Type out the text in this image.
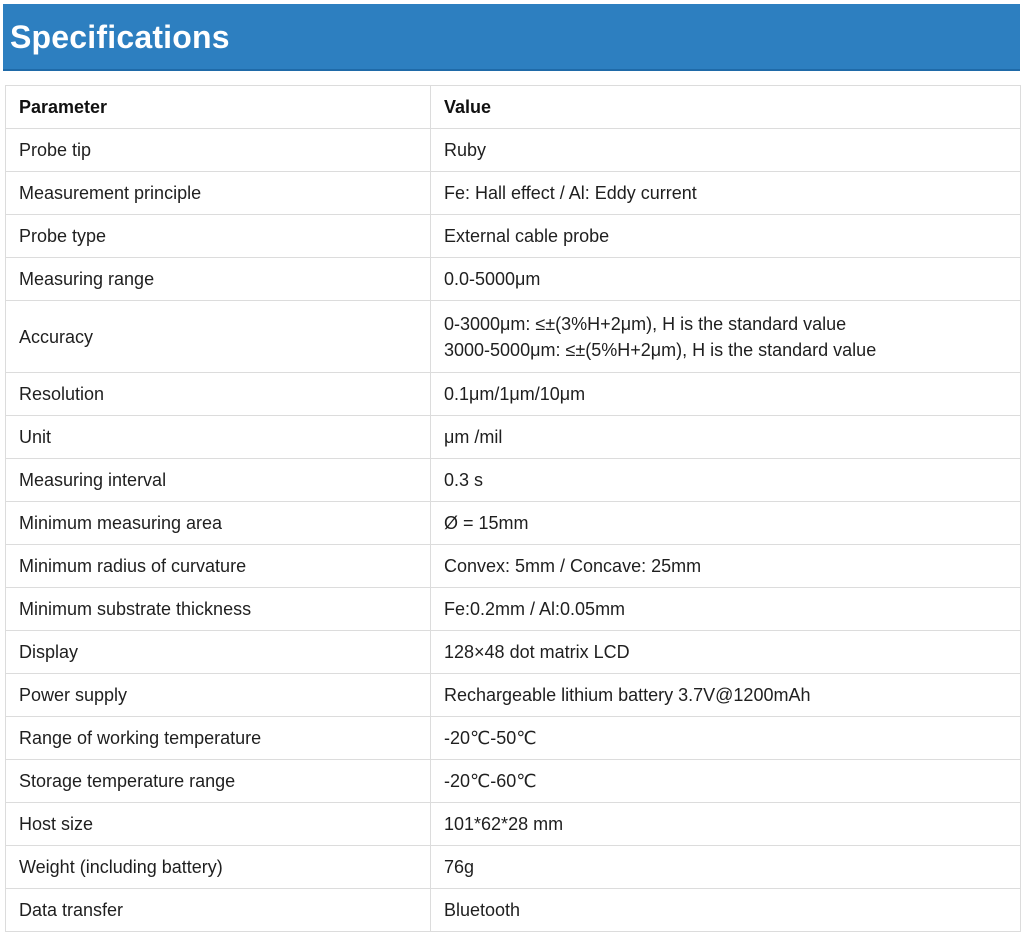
Specifications
Parameter	Value
Probe tip	Ruby

Measurement principle	Fe: Hall effect / Al: Eddy current

Probe type	External cable probe

Measuring range	0.0-5000μm

Accuracy	0-3000μm: ≤±(3%H+2μm), H is the standard value
3000-5000μm: ≤±(5%H+2μm), H is the standard value

Resolution	0.1μm/1μm/10μm

Unit	μm /mil

Measuring interval	0.3 s

Minimum measuring area	Ø = 15mm

Minimum radius of curvature	Convex: 5mm / Concave: 25mm

Minimum substrate thickness	Fe:0.2mm / Al:0.05mm

Display	128×48 dot matrix LCD

Power supply	Rechargeable lithium battery 3.7V@1200mAh

Range of working temperature	-20℃-50℃

Storage temperature range	-20℃-60℃

Host size	101*62*28 mm

Weight (including battery)	76g

Data transfer	Bluetooth
